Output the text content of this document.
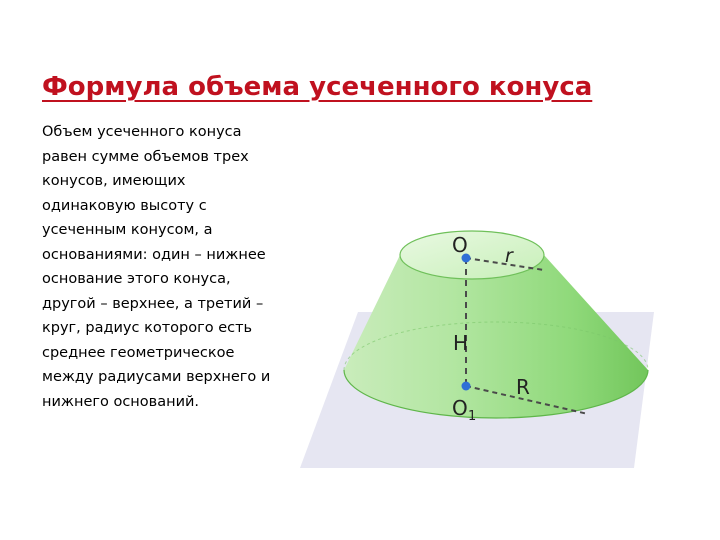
Формула объема усеченного конуса

Объем усеченного конуса равен сумме объемов трех конусов, имеющих одинаковую высоту с усеченным конусом, а основаниями: один – нижнее основание этого конуса, другой – верхнее, а третий – круг, радиус которого есть среднее геометрическое между радиусами верхнего и нижнего оснований.

O r
H
O 1
R
